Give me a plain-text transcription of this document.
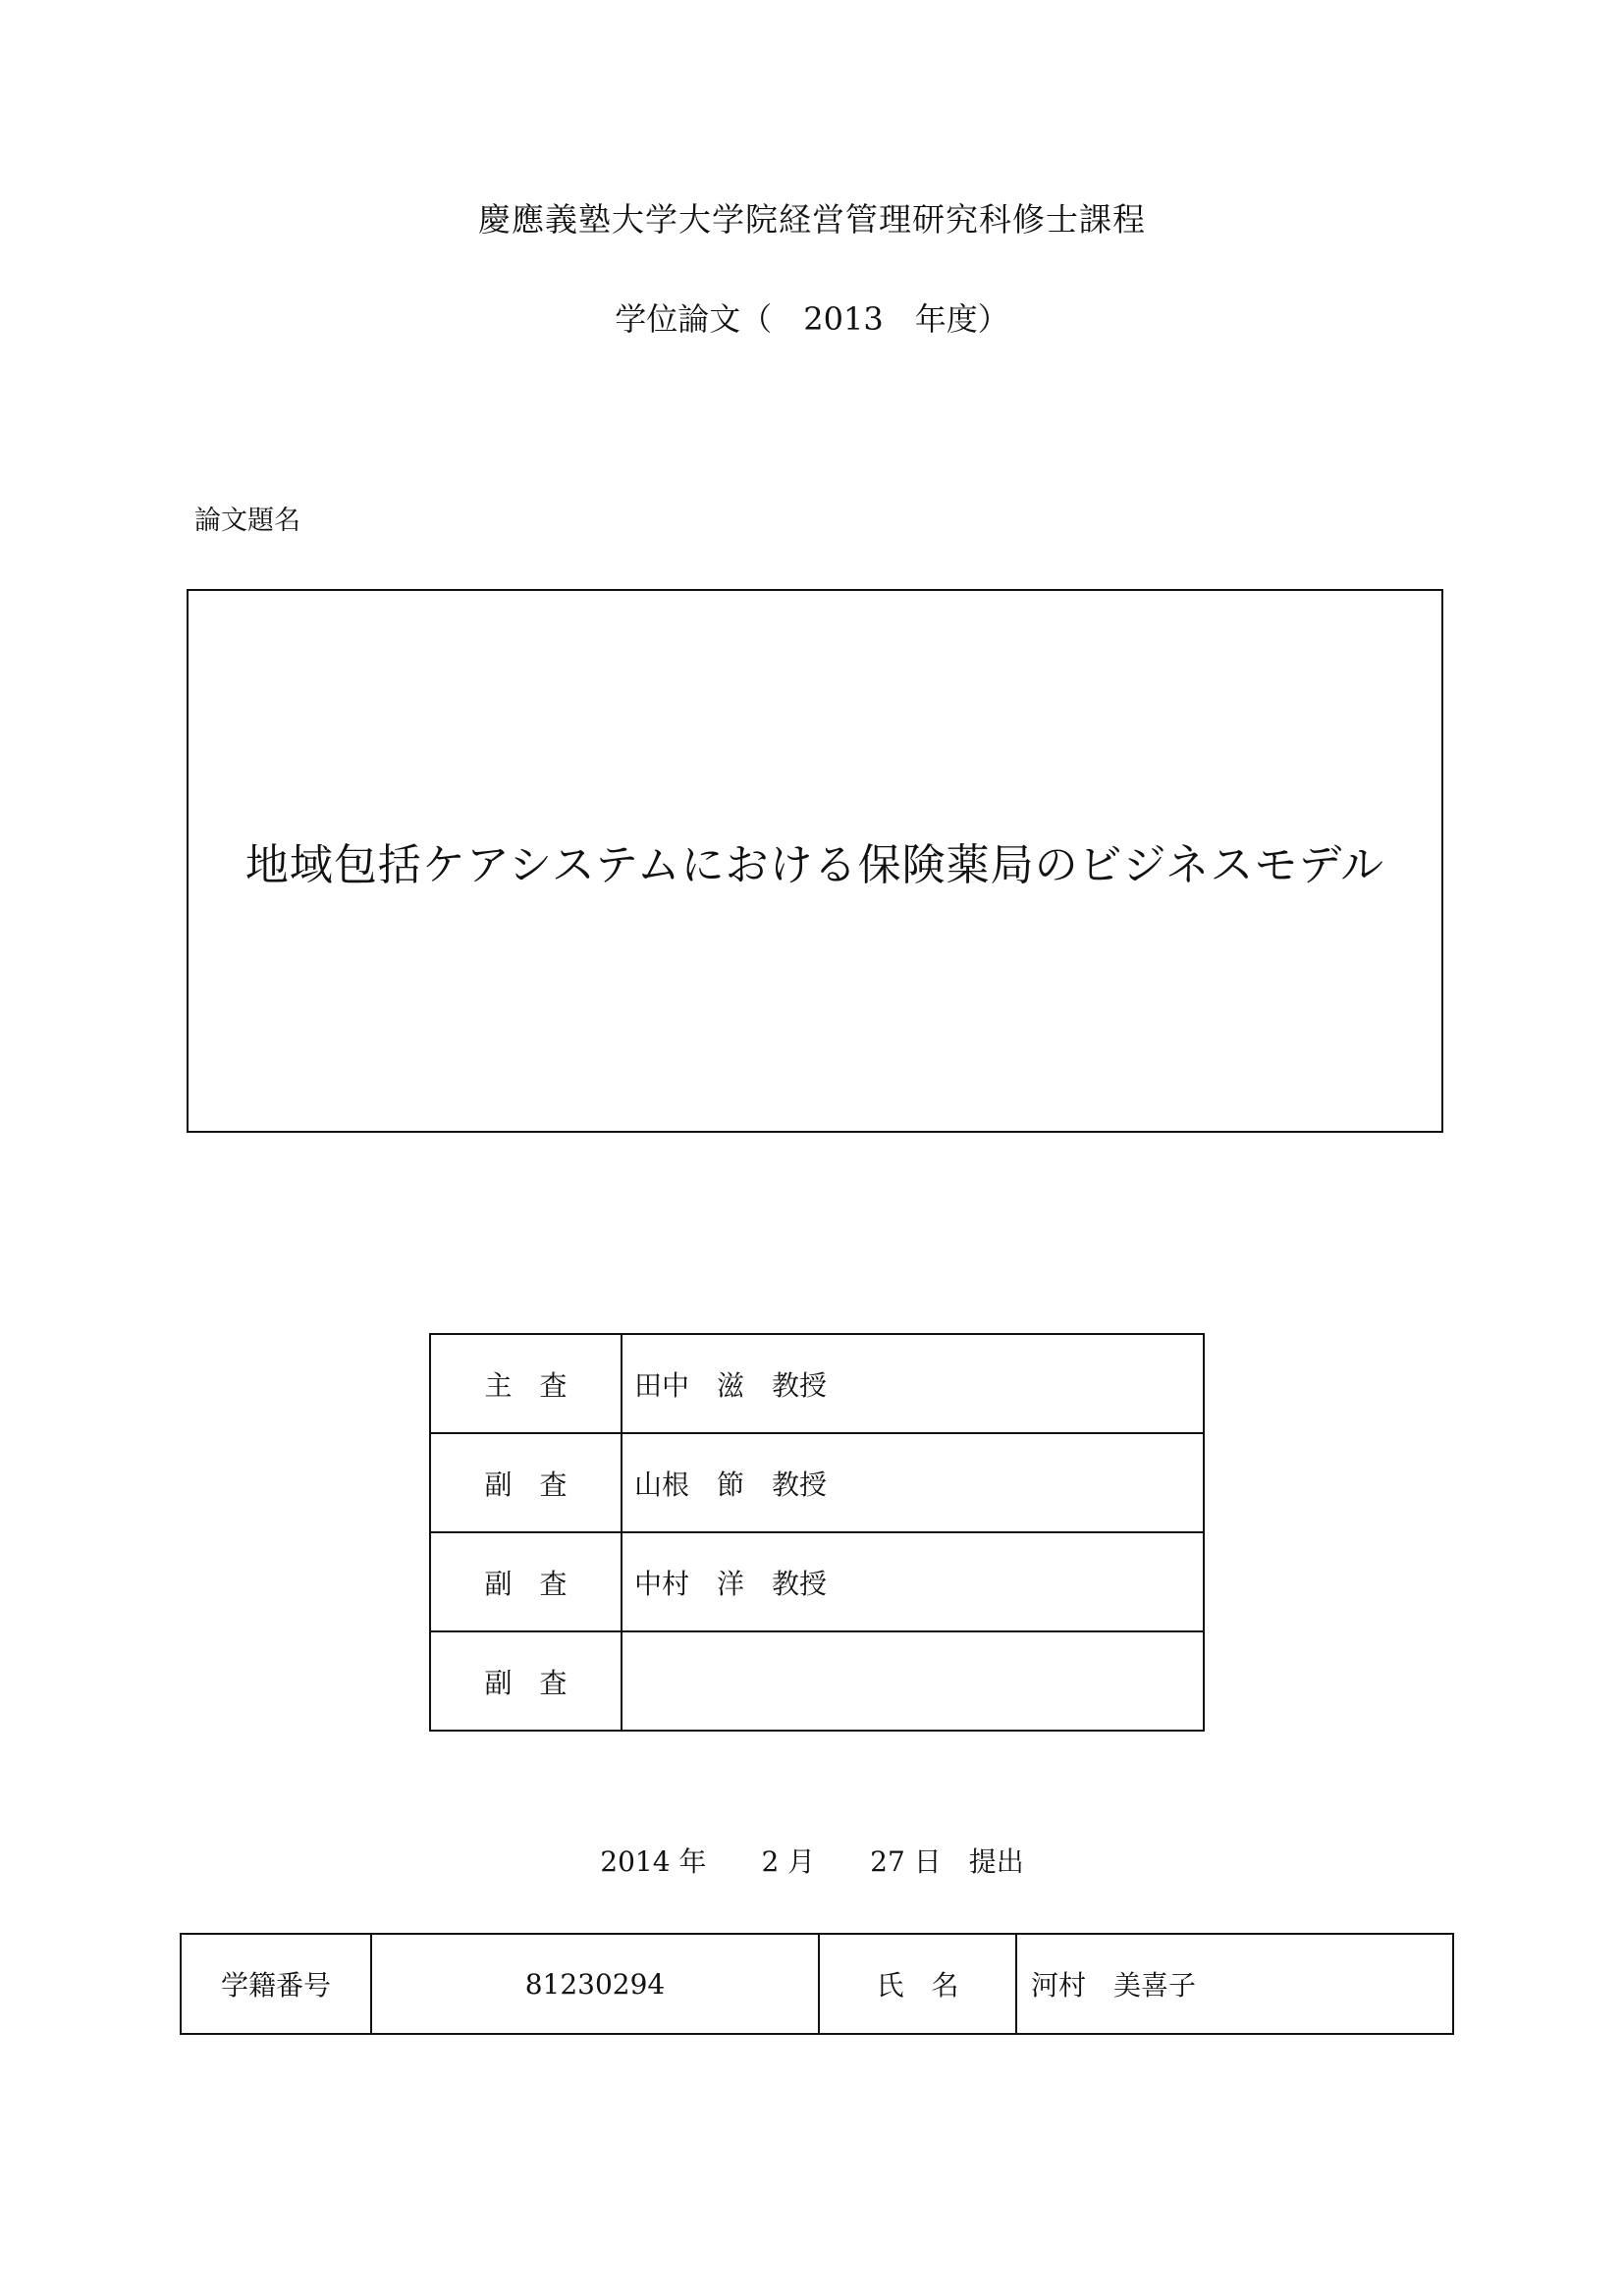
慶應義塾大学大学院経営管理研究科修士課程
学位論文（　2013　年度）
論文題名
地域包括ケアシステムにおける保険薬局のビジネスモデル
主　査	田中　滋　教授
副　査	山根　節　教授
副　査	中村　洋　教授
副　査	
2014 年　　2 月　　27 日　提出
学籍番号	81230294	氏　名	河村　美喜子
